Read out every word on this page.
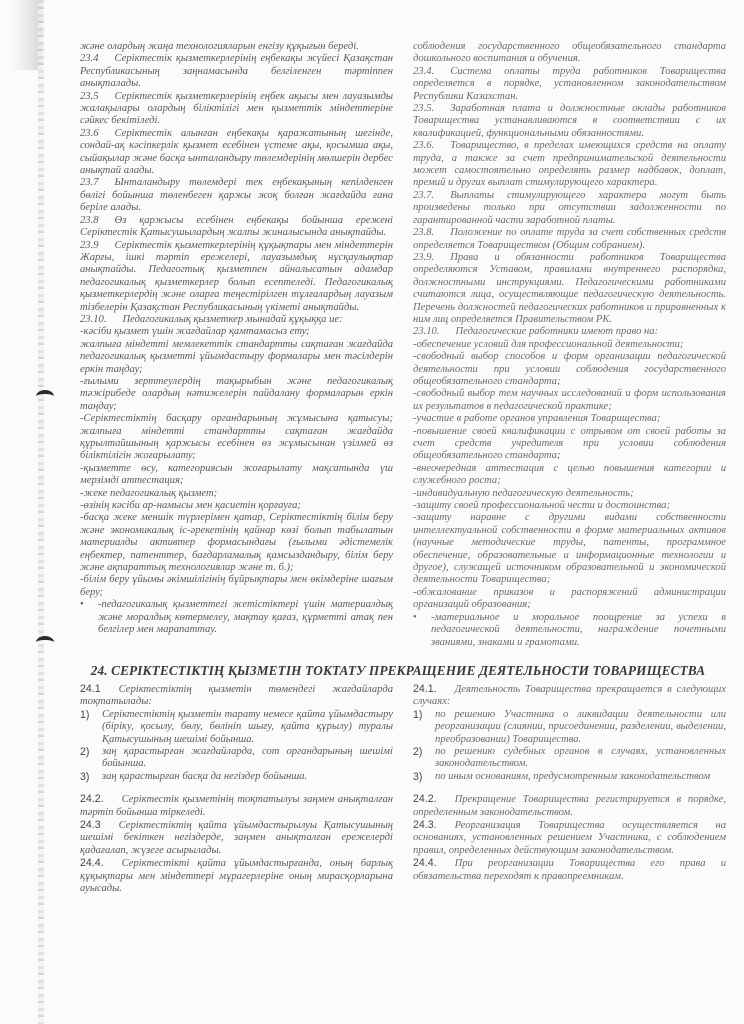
және олардың жаңа технологияларын енгізу құқығын береді.

23.4 Серіктестік қызметкерлерінің еңбекақы жүйесі Қазақстан Республикасының заңнамасында белгіленген тәртіппен анықталады.

23.5 Серіктестік қызметкерлерінің еңбек ақысы мен лауазымды жалақылары олардың біліктілігі мен қызметтік міндеттеріне сәйкес бекітіледі.

23.6 Серіктестік алынған еңбекақы қаражатының шегінде, сондай-ақ кәсіпкерлік қызмет есебінен үстеме ақы, қосымша ақы, сыйақылар және басқа ынталандыру төлемдерінің мөлшерін дербес анықтай алады.

23.7 Ынталандыру төлемдері тек еңбекақының кепілденген бөлігі бойынша төленбеген қаржы жоқ болған жағдайда ғана беріле алады.

23.8 Өз қаржысы есебінен еңбекақы бойынша ережені Серіктестік Қатысушылардың жалпы жиналысында анықтайды.

23.9 Серіктестік қызметкерлерінің құқықтары мен міндеттерін Жарғы, ішкі тәртіп ережелері, лауазымдық нұсқаулықтар анықтайды. Педагогтық қызметпен айналысатын адамдар педагогикалық қызметкерлер болып есептеледі. Педагогикалық қызметкерлердің және оларға теңестірілген тұлғалардың лауазым тізбелерін Қазақстан Республикасының үкіметі анықтайды.

23.10. Педагогикалық қызметкер мынадай құқыққа ие:

-кәсіби қызмет үшін жағдайлар қамтамасыз ету;

жалпыға міндетті мемлекеттік стандартты сақтаған жағдайда педагогикалық қызметті ұйымдастыру формалары мен тәсілдерін еркін таңдау;

-ғылыми зерттеулердің тақырыбын және педагогикалық тәжірибеде олардың нәтижелерін пайдалану формаларын еркін таңдау;

-Серіктестіктің басқару органдарының жұмысына қатысуы; жалпыға міндетті стандартты сақтаған жағдайда құрылтайшының қаржысы есебінен өз жұмысынан үзілмей өз біліктілігін жоғарылату;

-қызметте өсу, категориясын жоғарылату мақсатында үш мерзімді аттестация;

-жеке педагогикалық қызмет;

-өзінің кәсіби ар-намысы мен қасиетін қорғауға;

-басқа жеке меншік түрлерімен қатар, Серіктестіктің білім беру және экономикалық іс-әрекетінің қайнар көзі болып табылатын материалды активтер формасындағы (ғылыми әдістемелік еңбектер, патенттер, бағдарламалық қамсыздандыру, білім беру және ақпараттық технологиялар және т. б.);

-білім беру ұйымы әкімшілігінің бұйрықтары мен өкімдеріне шағым беру;

•	-педагогикалық қызметтегі жетістіктері үшін материалдық және моралдық көтермелеу, мақтау қағаз, құрметті атақ пен белгілер мен марапаттау.

соблюдения государственного общеобязательного стандарта дошкольного воспитания и обучения.

23.4. Система оплаты труда работников Товарищества определяется в порядке, установленном законодательством Республики Казахстан.

23.5. Заработная плата и должностные оклады работников Товарищества устанавливаются в соответствии с их квалификацией, функциональными обязанностями.

23.6. Товарищество, в пределах имеющихся средств на оплату труда, а также за счет предпринимательской деятельности может самостоятельно определять размер надбавок, доплат, премий и других выплат стимулирующего характера.

23.7. Выплаты стимулирующего характера могут быть произведены только при отсутствии задолженности по гарантированной части заработной платы.

23.8. Положение по оплате труда за счет собственных средств определяется Товариществом (Общим собранием).

23.9. Права и обязанности работников Товарищества определяются Уставом, правилами внутреннего распорядка, должностными инструкциями. Педагогическими работниками считаются лица, осуществляющие педагогическую деятельность. Перечень должностей педагогических работников и приравненных к ним лиц определяется Правительством РК.

23.10. Педагогические работники имеют право на:

-обеспечение условий для профессиональной деятельности;

-свободный выбор способов и форм организации педагогической деятельности при условии соблюдения государственного общеобязательного стандарта;

-свободный выбор тем научных исследований и форм использования их результатов в педагогической практике;

-участие в работе органов управления Товарищества;

-повышение своей квалификации с отрывом от своей работы за счет средств учредителя при условии соблюдения общеобязательного стандарта;

-внеочередная аттестация с целью повышения категории и служебного роста;

-индивидуальную педагогическую деятельность;

-защиту своей профессиональной чести и достоинства;

-защиту наравне с другими видами собственности интеллектуальной собственности в форме материальных активов (научные методические труды, патенты, программное обеспечение, образовательные и информационные технологии и другое), служащей источником образовательной и экономической деятельности Товарищества;

-обжалование приказов и распоряжений администрации организаций образования;

•	-материальное и моральное поощрение за успехи в педагогической деятельности, награждение почетными званиями, знаками и грамотами.
24. СЕРІКТЕСТІКТІҢ ҚЫЗМЕТІН ТОКТАТУ ПРЕКРАЩЕНИЕ ДЕЯТЕЛЬНОСТИ ТОВАРИЩЕСТВА

24.1 Серіктестіктің қызметін төмендегі жағдайларда тоқтатылады:

1)	Серіктестіктің қызметін тарату немесе қайта ұйымдастыру (біріку, қосылу, бөлу, бөлініп шығу, қайта құрылу) туралы Қатысушының шешімі бойынша.
2)	заң қарастырған жағдайларда, сот органдарының шешімі бойынша.
3)	заң қарастырған басқа да негіздер бойынша.

24.2. Серіктестік қызметінің тоқтатылуы заңмен анықталған тәртіп бойынша тіркеледі.

24.3 Серіктестіктің қайта ұйымдастырылуы Қатысушының шешімі бекіткен негіздерде, заңмен анықталған ережелерді қадағалап, жүзеге асырылады.

24.4. Серіктестікті қайта ұйымдастырғанда, оның барлық құқықтары мен міндеттері мұрагерлеріне оның мирасқорларына ауысады.

24.1. Деятельность Товарищества прекращается в следующих случаях:

1)	по решению Участника о ликвидации деятельности или реорганизации (слиянии, присоединении, разделении, выделении, преобразовании) Товарищества.
2)	по решению судебных органов в случаях, установленных законодательством.
3)	по иным основаниям, предусмотренным законодательством

24.2. Прекращение Товарищества регистрируется в порядке, определенным законодательством.

24.3. Реорганизация Товарищества осуществляется на основаниях, установленных решением Участника, с соблюдением правил, определенных действующим законодательством.

24.4. При реорганизации Товарищества его права и обязательства переходят к правопреемникам.
